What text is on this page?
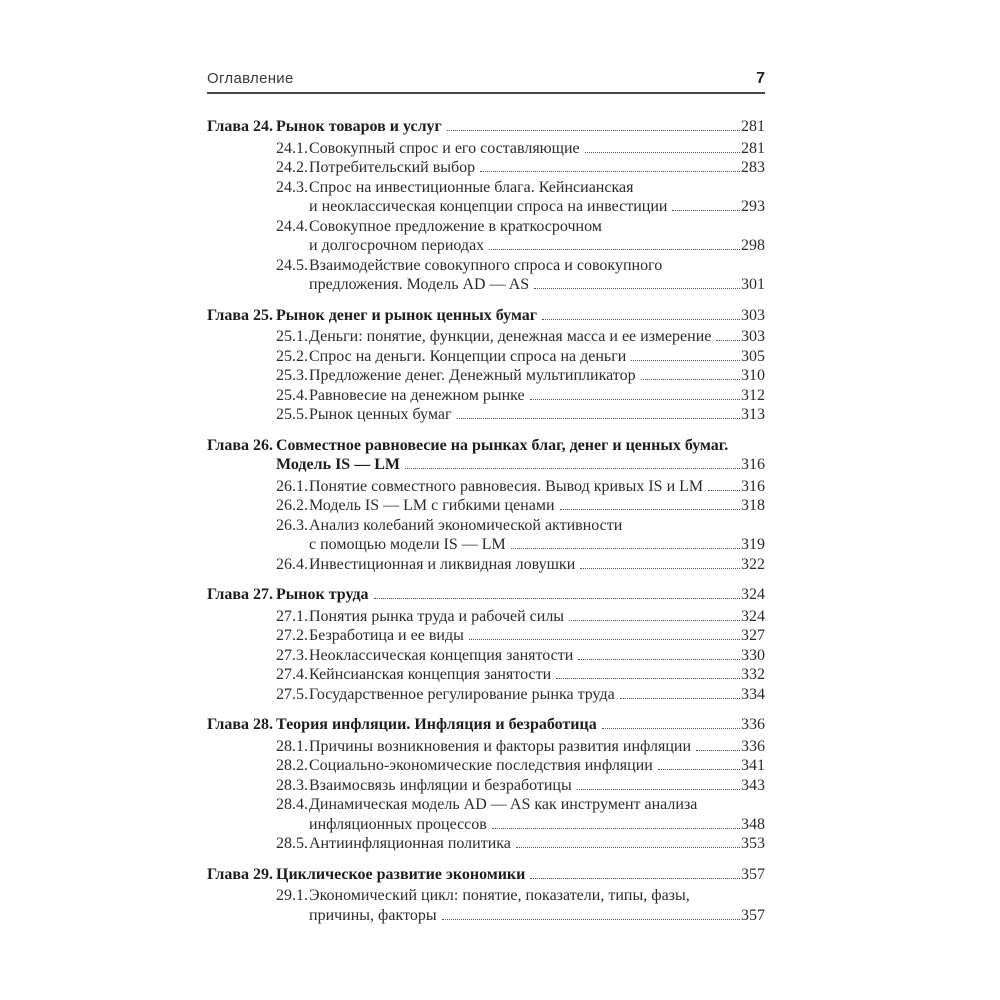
Оглавление	7
Глава 24. Рынок товаров и услуг	281
24.1. Совокупный спрос и его составляющие	281
24.2. Потребительский выбор	283
24.3. Спрос на инвестиционные блага. Кейнсианская
и неоклассическая концепции спроса на инвестиции	293
24.4. Совокупное предложение в краткосрочном
и долгосрочном периодах	298
24.5. Взаимодействие совокупного спроса и совокупного
предложения. Модель AD — AS	301
Глава 25. Рынок денег и рынок ценных бумаг	303
25.1. Деньги: понятие, функции, денежная масса и ее измерение 303
25.2. Спрос на деньги. Концепции спроса на деньги	305
25.3. Предложение денег. Денежный мультипликатор	310
25.4. Равновесие на денежном рынке	312
25.5. Рынок ценных бумаг	313
Глава 26. Совместное равновесие на рынках благ, денег и ценных бумаг.
Модель IS — LM	316
26.1. Понятие совместного равновесия. Вывод кривых IS и LM 316
26.2. Модель IS — LM с гибкими ценами	318
26.3. Анализ колебаний экономической активности
с помощью модели IS — LM	319
26.4. Инвестиционная и ликвидная ловушки	322
Глава 27. Рынок труда	324
27.1. Понятия рынка труда и рабочей силы	324
27.2. Безработица и ее виды	327
27.3. Неоклассическая концепция занятости	330
27.4. Кейнсианская концепция занятости	332
27.5. Государственное регулирование рынка труда	334
Глава 28. Теория инфляции. Инфляция и безработица	336
28.1. Причины возникновения и факторы развития инфляции	336
28.2. Социально-экономические последствия инфляции	341
28.3. Взаимосвязь инфляции и безработицы	343
28.4. Динамическая модель AD — AS как инструмент анализа
инфляционных процессов	348
28.5. Антиинфляционная политика	353
Глава 29. Циклическое развитие экономики	357
29.1. Экономический цикл: понятие, показатели, типы, фазы,
причины, факторы	357
